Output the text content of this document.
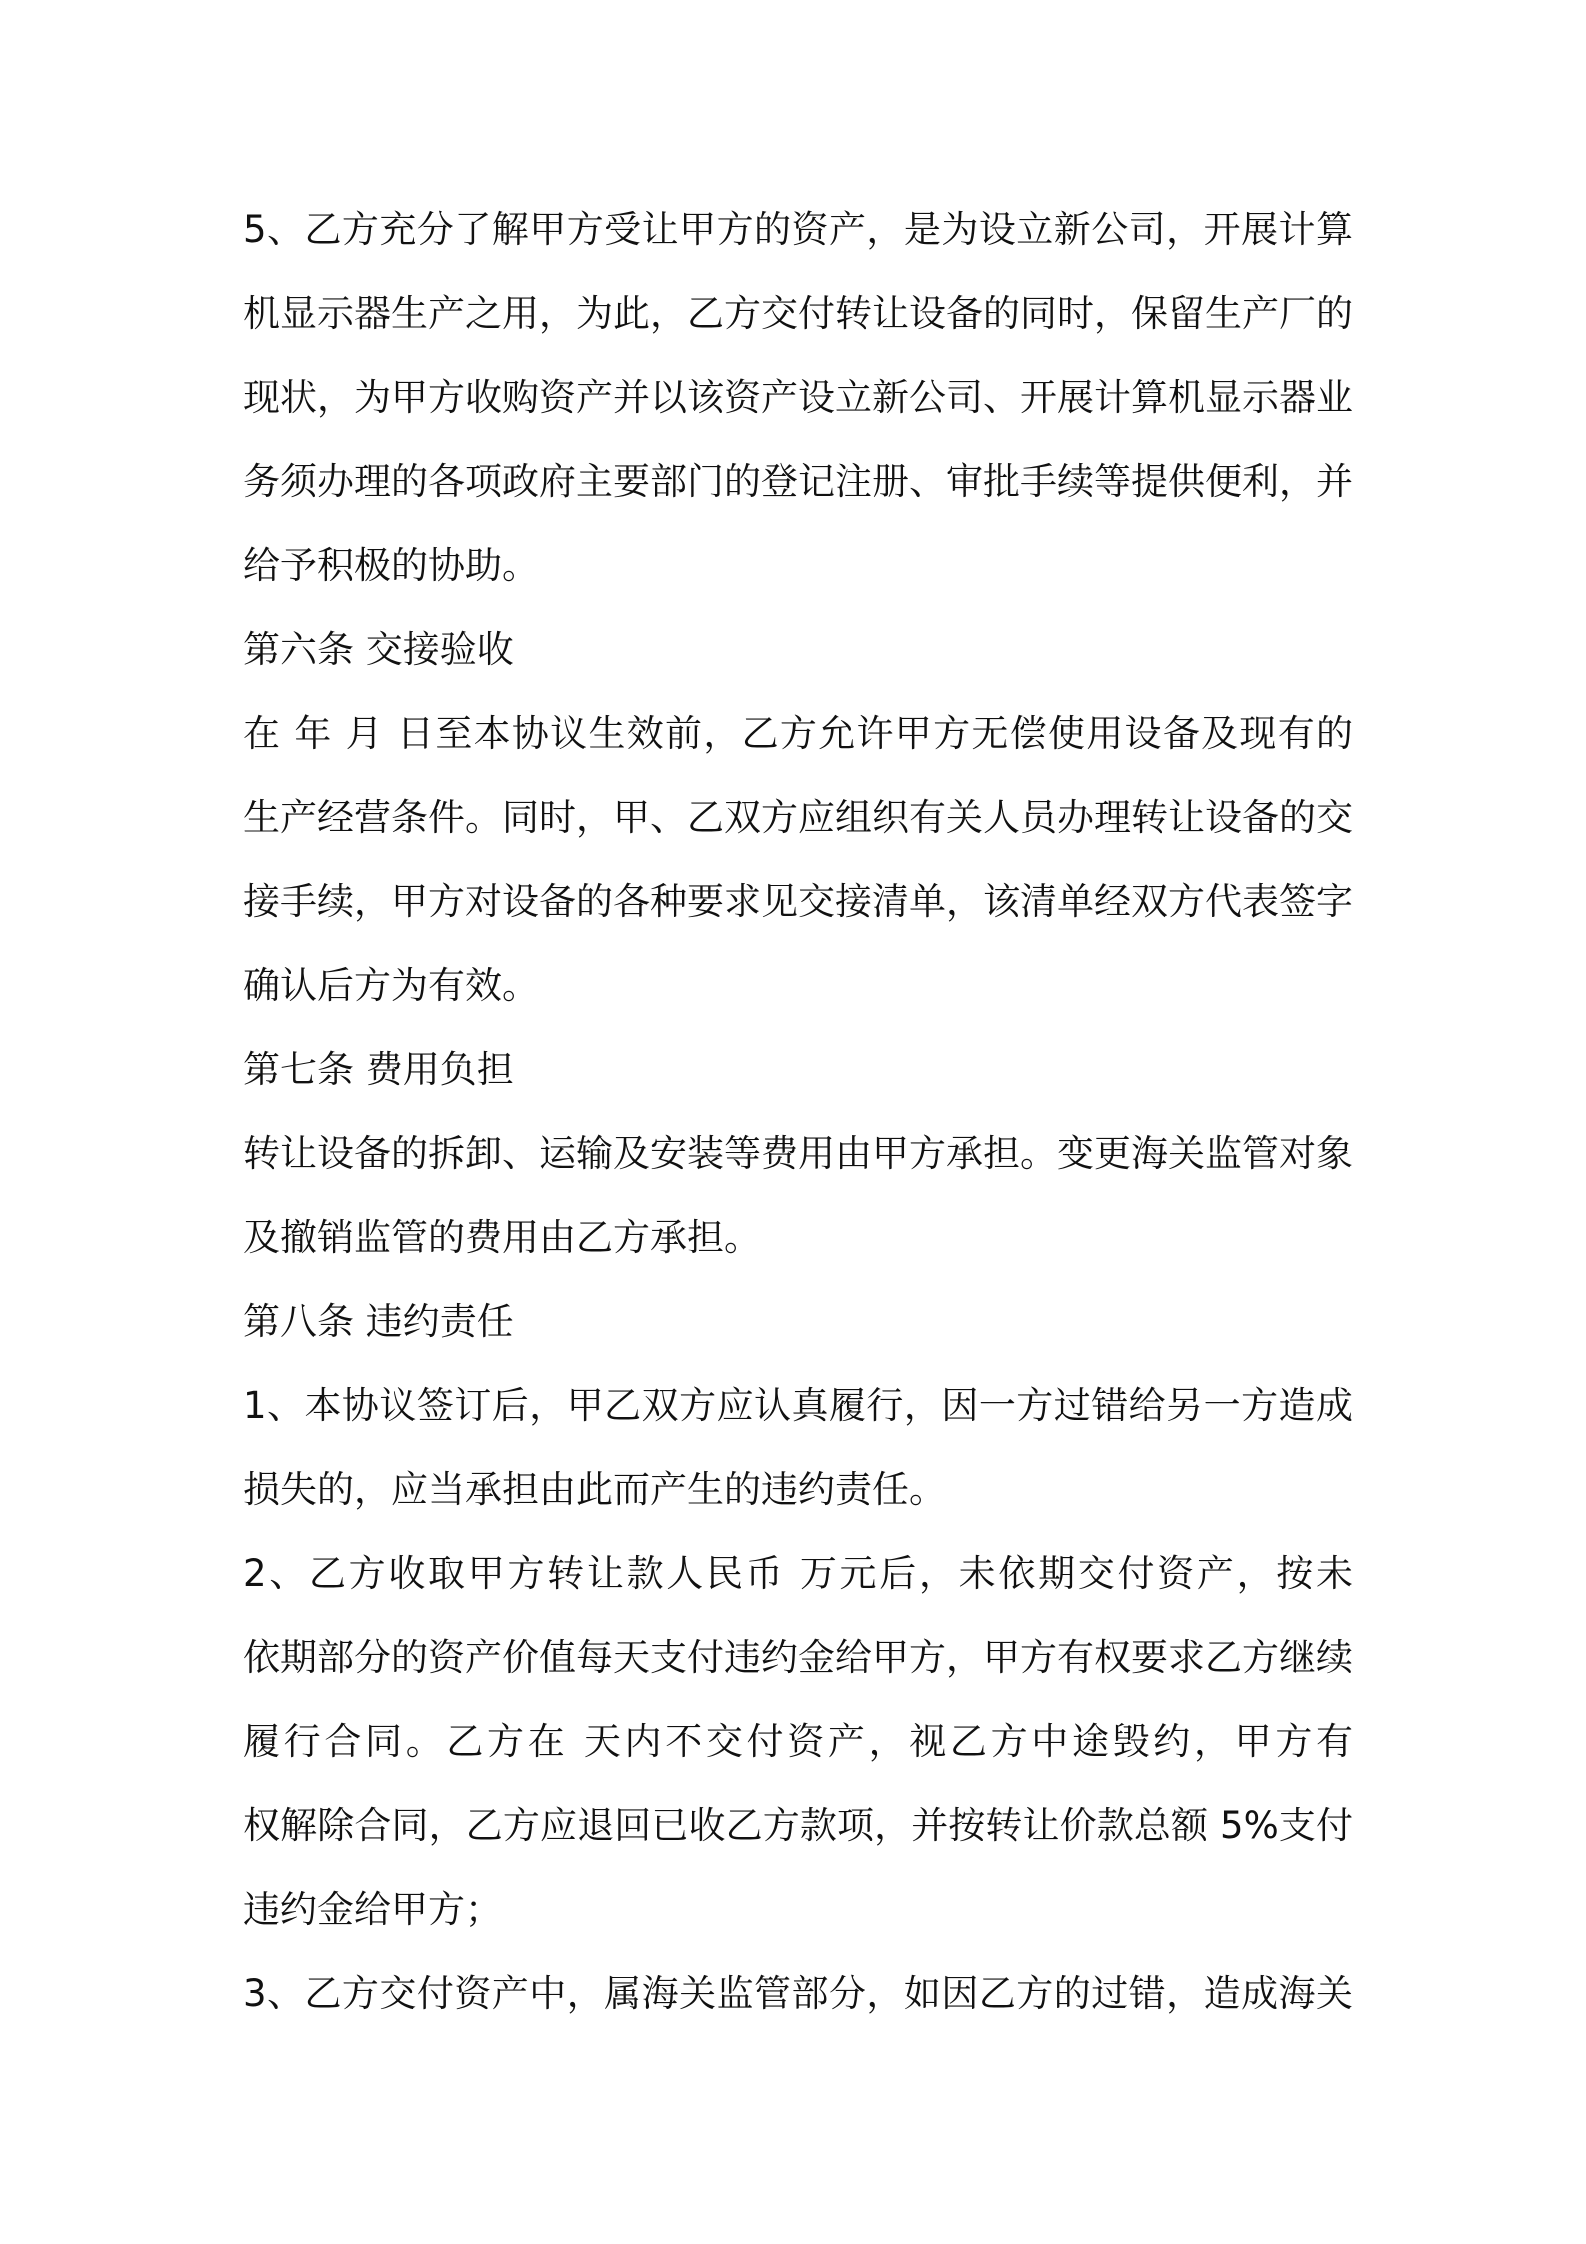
5、乙方充分了解甲方受让甲方的资产，是为设立新公司，开展计算
机显示器生产之用，为此，乙方交付转让设备的同时，保留生产厂的
现状，为甲方收购资产并以该资产设立新公司、开展计算机显示器业
务须办理的各项政府主要部门的登记注册、审批手续等提供便利，并
给予积极的协助。
第六条 交接验收
在 年 月 日至本协议生效前，乙方允许甲方无偿使用设备及现有的
生产经营条件。同时，甲、乙双方应组织有关人员办理转让设备的交
接手续，甲方对设备的各种要求见交接清单，该清单经双方代表签字
确认后方为有效。
第七条 费用负担
转让设备的拆卸、运输及安装等费用由甲方承担。变更海关监管对象
及撤销监管的费用由乙方承担。
第八条 违约责任
1、本协议签订后，甲乙双方应认真履行，因一方过错给另一方造成
损失的，应当承担由此而产生的违约责任。
2、乙方收取甲方转让款人民币 万元后，未依期交付资产，按未
依期部分的资产价值每天支付违约金给甲方，甲方有权要求乙方继续
履行合同。乙方在 天内不交付资产，视乙方中途毁约，甲方有
权解除合同，乙方应退回已收乙方款项，并按转让价款总额 5%支付
违约金给甲方；
3、乙方交付资产中，属海关监管部分，如因乙方的过错，造成海关
